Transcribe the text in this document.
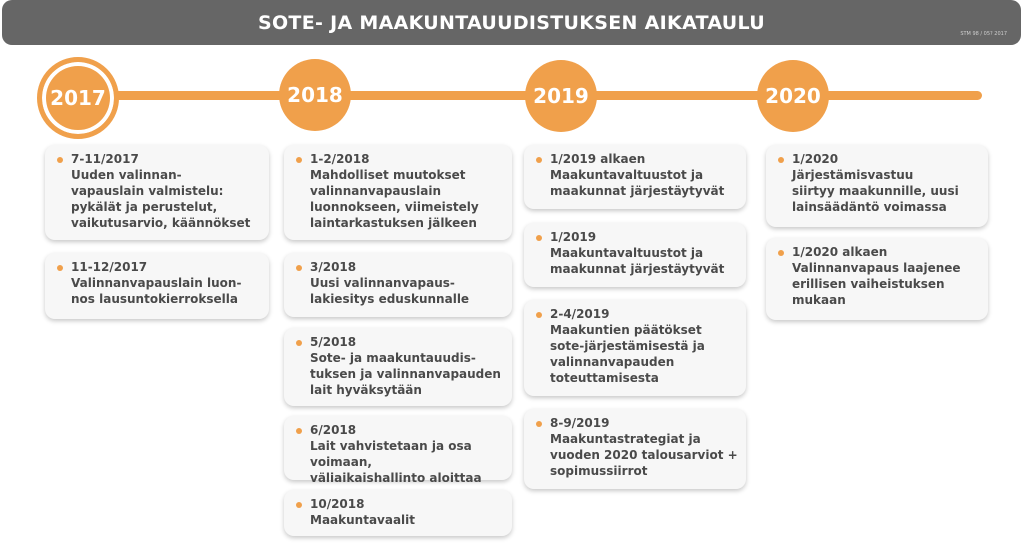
SOTE- JA MAAKUNTAUUDISTUKSEN AIKATAULU
STM 98 / 05? 2017
2017	2018	2019	2020
7-11/2017
Uuden valinnan-
vapauslain valmistelu:
pykälät ja perustelut,
vaikutusarvio, käännökset
11-12/2017
Valinnanvapauslain luon-
nos lausuntokierroksella
1-2/2018
Mahdolliset muutokset
valinnanvapauslain
luonnokseen, viimeistely
laintarkastuksen jälkeen
3/2018
Uusi valinnanvapaus-
lakiesitys eduskunnalle
5/2018
Sote- ja maakuntauudis-
tuksen ja valinnanvapauden
lait hyväksytään
6/2018
Lait vahvistetaan ja osa voimaan,
väliaikaishallinto aloittaa
10/2018
Maakuntavaalit
1/2019 alkaen
Maakuntavaltuustot ja
maakunnat järjestäytyvät
1/2019
Maakuntavaltuustot ja
maakunnat järjestäytyvät
2-4/2019
Maakuntien päätökset
sote-järjestämisestä ja
valinnanvapauden
toteuttamisesta
8-9/2019
Maakuntastrategiat ja
vuoden 2020 talousarviot +
sopimussiirrot
1/2020
Järjestämisvastuu
siirtyy maakunnille, uusi
lainsäädäntö voimassa
1/2020 alkaen
Valinnanvapaus laajenee
erillisen vaiheistuksen
mukaan
